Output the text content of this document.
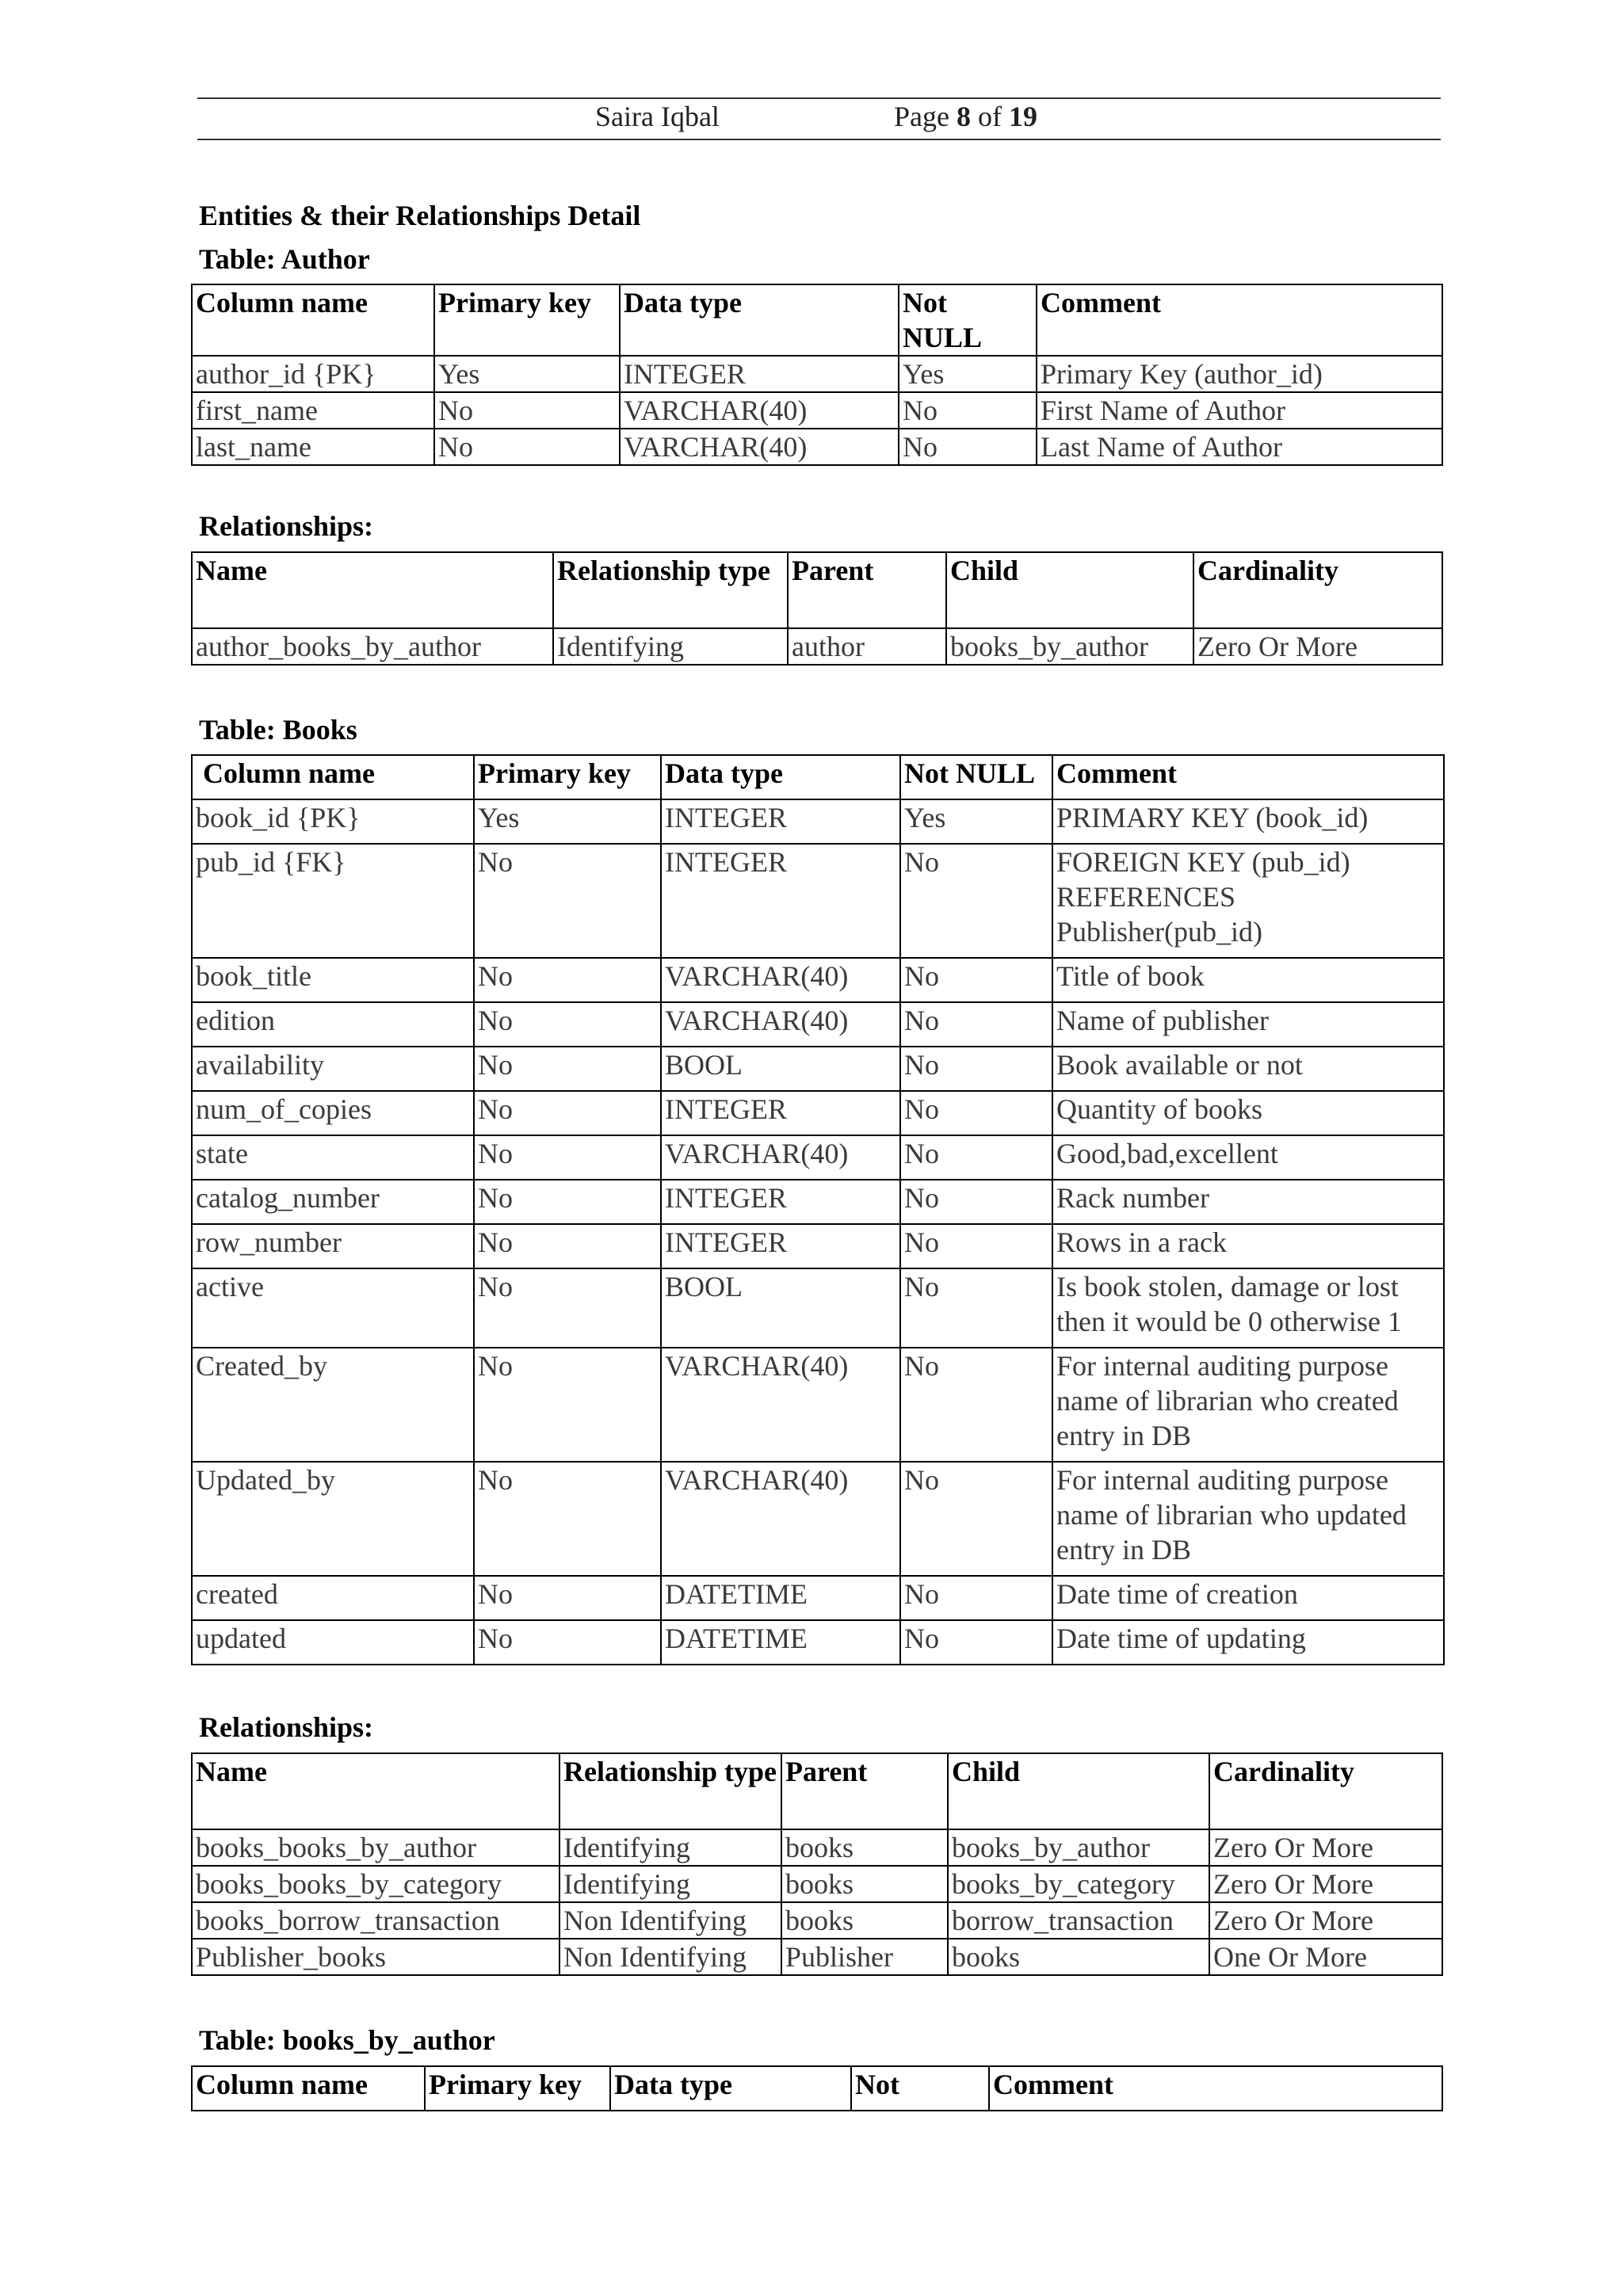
Saira Iqbal	Page 8 of 19
Entities & their Relationships Detail
Table: Author
Column name	Primary key	Data type	Not NULL	Comment
author_id {PK}	Yes	INTEGER	Yes	Primary Key (author_id)
first_name	No	VARCHAR(40)	No	First Name of Author
last_name	No	VARCHAR(40)	No	Last Name of Author
Relationships:
Name	Relationship type	Parent	Child	Cardinality
author_books_by_author	Identifying	author	books_by_author	Zero Or More
Table: Books
Column name	Primary key	Data type	Not NULL	Comment
book_id {PK}	Yes	INTEGER	Yes	PRIMARY KEY (book_id)
pub_id {FK}	No	INTEGER	No	FOREIGN KEY (pub_id)
REFERENCES
Publisher(pub_id)
book_title	No	VARCHAR(40)	No	Title of book
edition	No	VARCHAR(40)	No	Name of publisher
availability	No	BOOL	No	Book available or not
num_of_copies	No	INTEGER	No	Quantity of books
state	No	VARCHAR(40)	No	Good,bad,excellent
catalog_number	No	INTEGER	No	Rack number
row_number	No	INTEGER	No	Rows in a rack
active	No	BOOL	No	Is book stolen, damage or lost
then it would be 0 otherwise 1
Created_by	No	VARCHAR(40)	No	For internal auditing purpose
name of librarian who created
entry in DB
Updated_by	No	VARCHAR(40)	No	For internal auditing purpose
name of librarian who updated
entry in DB
created	No	DATETIME	No	Date time of creation
updated	No	DATETIME	No	Date time of updating
Relationships:
Name	Relationship type	Parent	Child	Cardinality
books_books_by_author	Identifying	books	books_by_author	Zero Or More
books_books_by_category	Identifying	books	books_by_category	Zero Or More
books_borrow_transaction	Non Identifying	books	borrow_transaction	Zero Or More
Publisher_books	Non Identifying	Publisher	books	One Or More
Table: books_by_author
Column name	Primary key	Data type	Not	Comment
